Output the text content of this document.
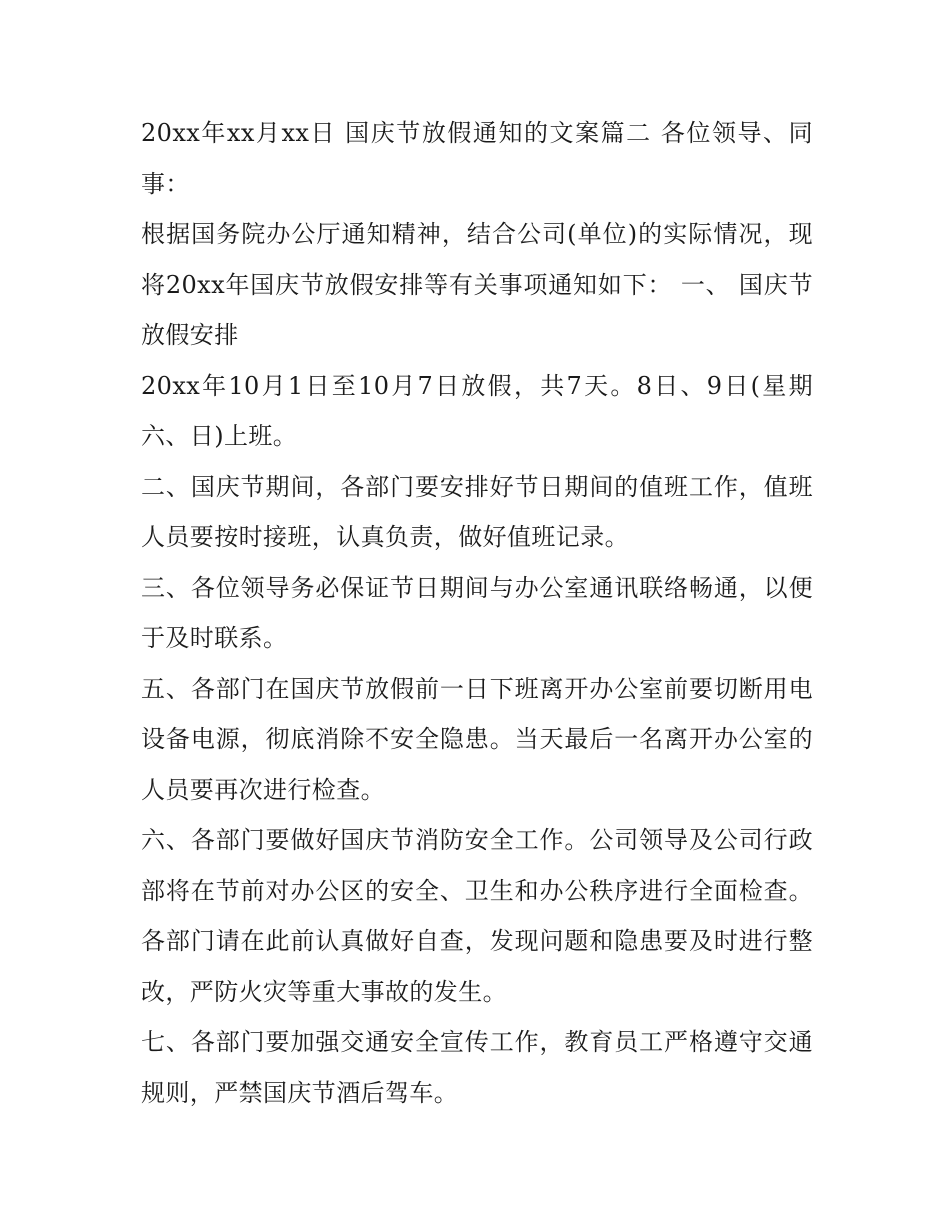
20xx年xx月xx日 国庆节放假通知的文案篇二 各位领导、同事：

根据国务院办公厅通知精神，结合公司(单位)的实际情况，现将20xx年国庆节放假安排等有关事项通知如下： 一、 国庆节放假安排

20xx年10月1日至10月7日放假，共7天。8日、9日(星期六、日)上班。

二、国庆节期间，各部门要安排好节日期间的值班工作，值班人员要按时接班，认真负责，做好值班记录。

三、各位领导务必保证节日期间与办公室通讯联络畅通，以便于及时联系。

五、各部门在国庆节放假前一日下班离开办公室前要切断用电设备电源，彻底消除不安全隐患。当天最后一名离开办公室的人员要再次进行检查。

六、各部门要做好国庆节消防安全工作。公司领导及公司行政部将在节前对办公区的安全、卫生和办公秩序进行全面检查。各部门请在此前认真做好自查，发现问题和隐患要及时进行整改，严防火灾等重大事故的发生。

七、各部门要加强交通安全宣传工作，教育员工严格遵守交通规则，严禁国庆节酒后驾车。
